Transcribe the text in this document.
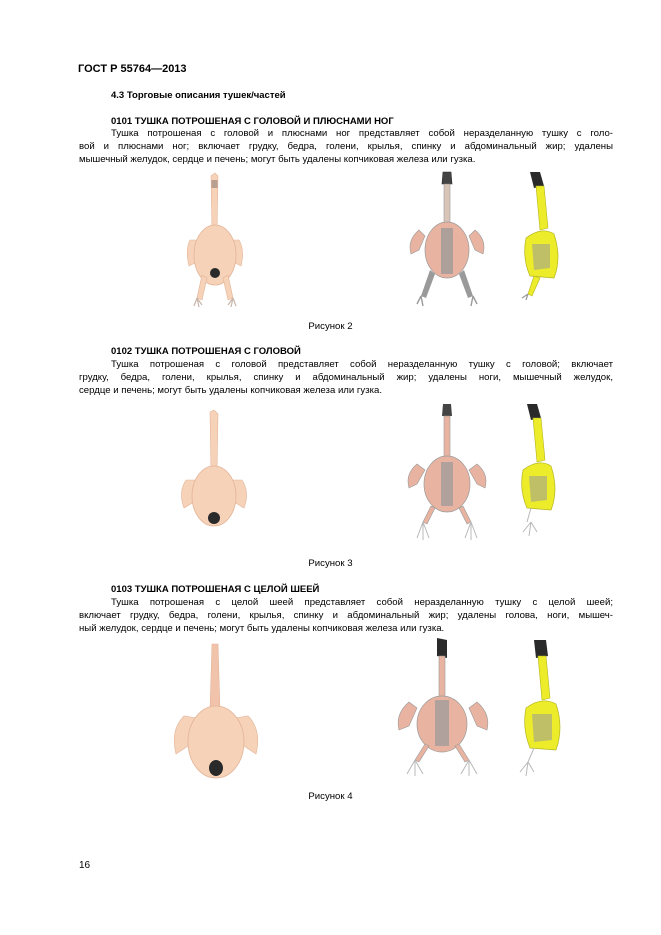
ГОСТ Р 55764—2013
4.3 Торговые описания тушек/частей
0101 ТУШКА ПОТРОШЕНАЯ С ГОЛОВОЙ И ПЛЮСНАМИ НОГ
Тушка потрошеная с головой и плюснами ног представляет собой неразделанную тушку с голо-
вой и плюснами ног; включает грудку, бедра, голени, крылья, спинку и абдоминальный жир; удалены
мышечный желудок, сердце и печень; могут быть удалены копчиковая железа или гузка.
Рисунок 2
0102 ТУШКА ПОТРОШЕНАЯ С ГОЛОВОЙ
Тушка потрошеная с головой представляет собой неразделанную тушку с головой; включает
грудку, бедра, голени, крылья, спинку и абдоминальный жир; удалены ноги, мышечный желудок,
сердце и печень; могут быть удалены копчиковая железа или гузка.
Рисунок 3
0103 ТУШКА ПОТРОШЕНАЯ С ЦЕЛОЙ ШЕЕЙ
Тушка потрошеная с целой шеей представляет собой неразделанную тушку с целой шеей;
включает грудку, бедра, голени, крылья, спинку и абдоминальный жир; удалены голова, ноги, мышеч-
ный желудок, сердце и печень; могут быть удалены копчиковая железа или гузка.
Рисунок 4
16
